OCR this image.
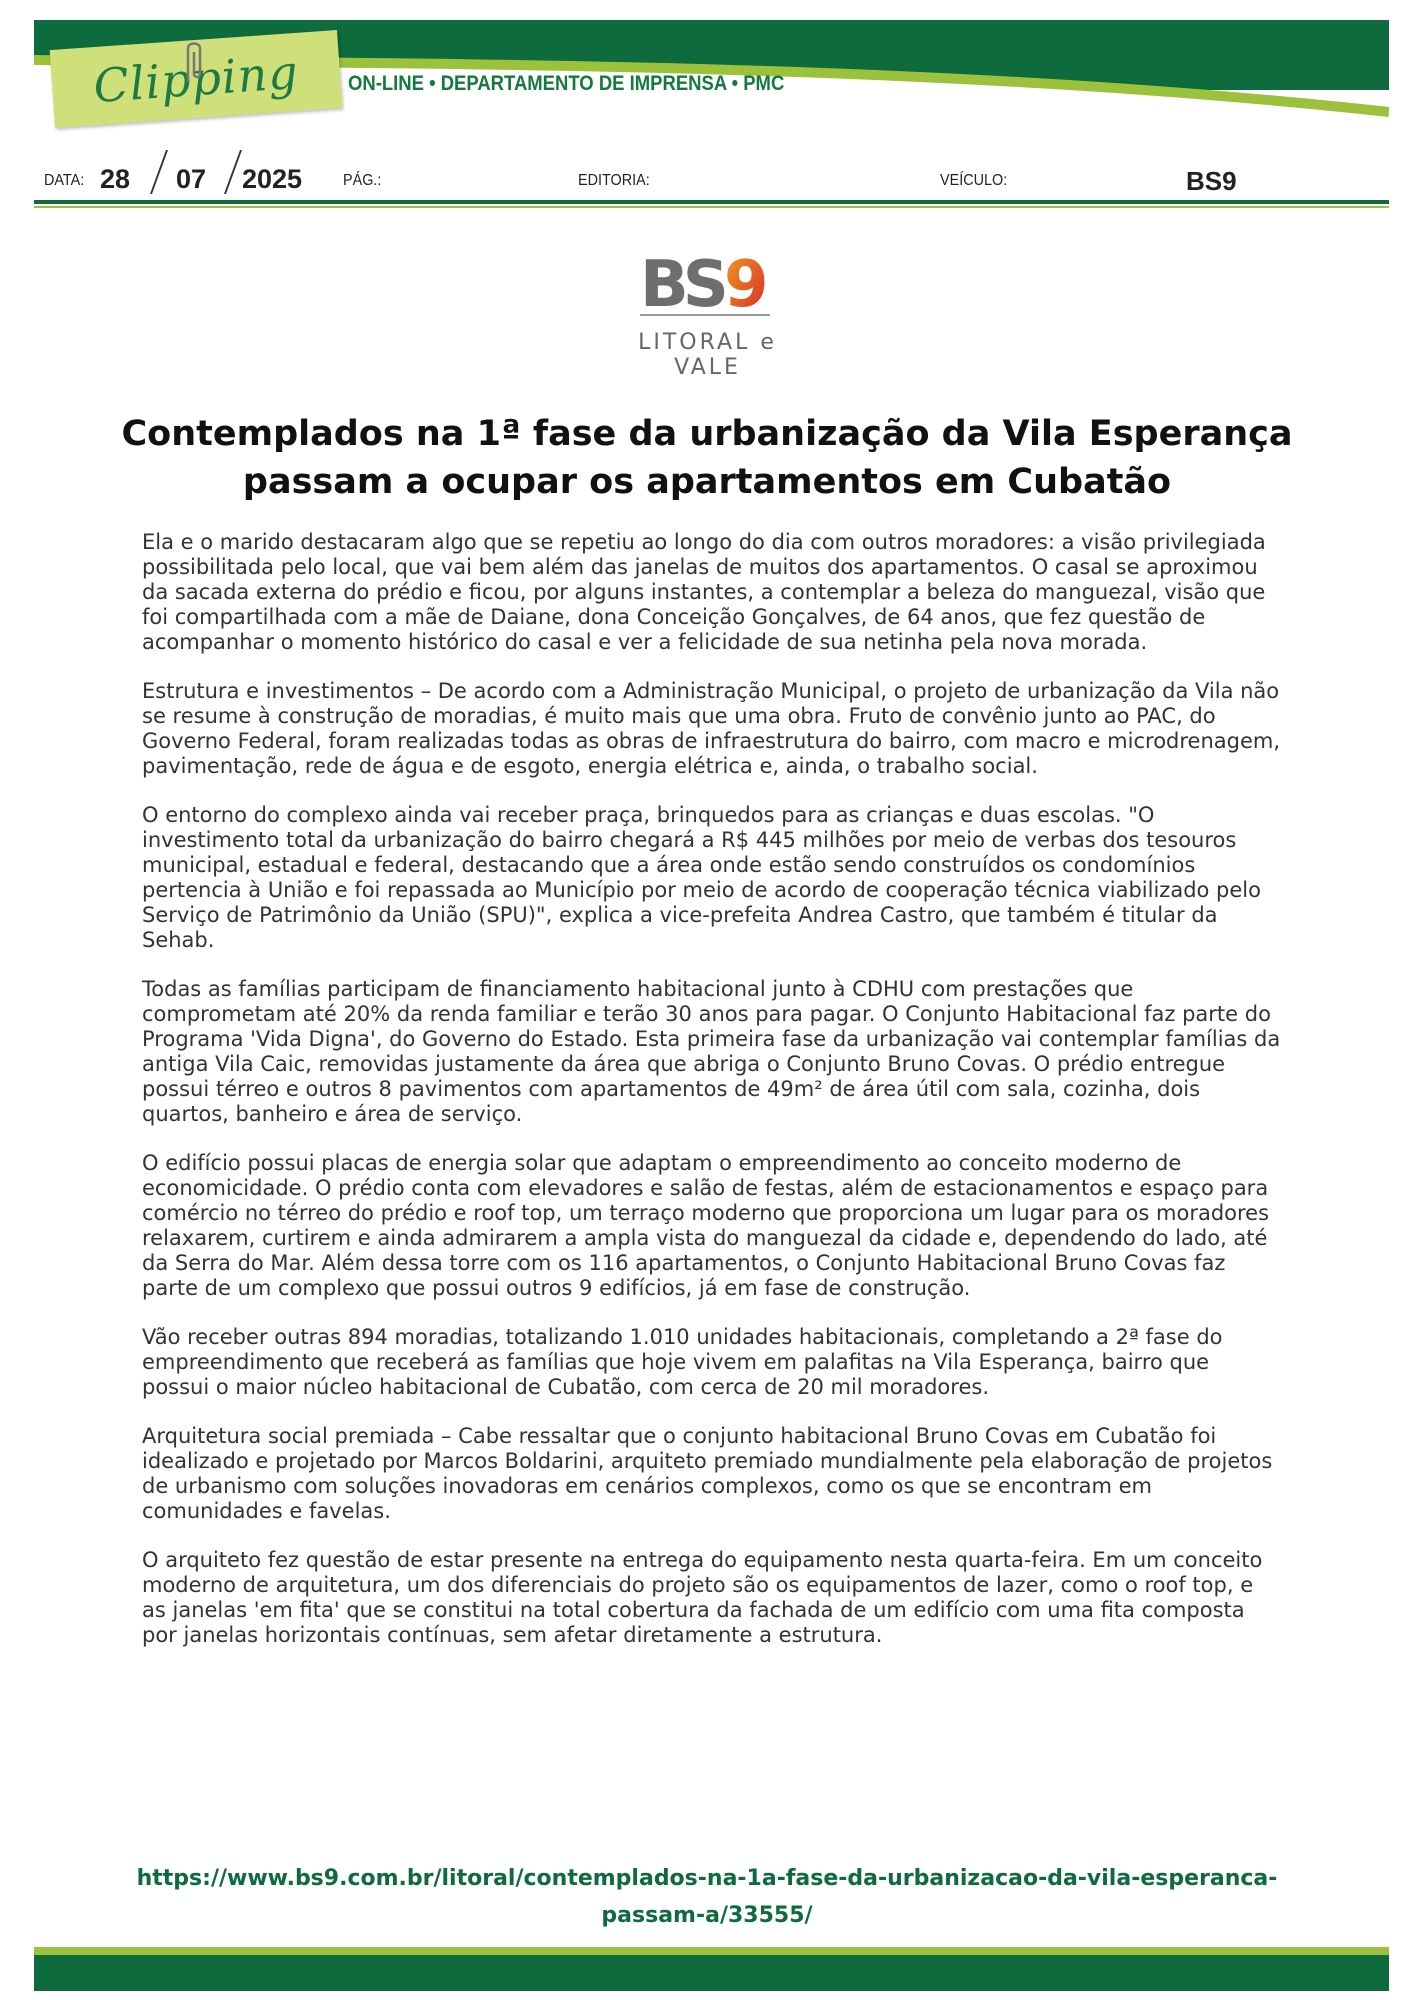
Clipping ON-LINE • DEPARTAMENTO DE IMPRENSA • PMC
DATA: 28 07 2025	PÁG.:	EDITORIA:	VEÍCULO:	BS9
BS 9
LITORAL e VALE
Contemplados na 1ª fase da urbanização da Vila Esperança passam a ocupar os apartamentos em Cubatão

Ela e o marido destacaram algo que se repetiu ao longo do dia com outros moradores: a visão privilegiada possibilitada pelo local, que vai bem além das janelas de muitos dos apartamentos. O casal se aproximou da sacada externa do prédio e ficou, por alguns instantes, a contemplar a beleza do manguezal, visão que foi compartilhada com a mãe de Daiane, dona Conceição Gonçalves, de 64 anos, que fez questão de acompanhar o momento histórico do casal e ver a felicidade de sua netinha pela nova morada.

Estrutura e investimentos – De acordo com a Administração Municipal, o projeto de urbanização da Vila não se resume à construção de moradias, é muito mais que uma obra. Fruto de convênio junto ao PAC, do Governo Federal, foram realizadas todas as obras de infraestrutura do bairro, com macro e microdrenagem, pavimentação, rede de água e de esgoto, energia elétrica e, ainda, o trabalho social.

O entorno do complexo ainda vai receber praça, brinquedos para as crianças e duas escolas. "O investimento total da urbanização do bairro chegará a R$ 445 milhões por meio de verbas dos tesouros municipal, estadual e federal, destacando que a área onde estão sendo construídos os condomínios pertencia à União e foi repassada ao Município por meio de acordo de cooperação técnica viabilizado pelo Serviço de Patrimônio da União (SPU)", explica a vice-prefeita Andrea Castro, que também é titular da Sehab.

Todas as famílias participam de financiamento habitacional junto à CDHU com prestações que comprometam até 20% da renda familiar e terão 30 anos para pagar. O Conjunto Habitacional faz parte do Programa 'Vida Digna', do Governo do Estado. Esta primeira fase da urbanização vai contemplar famílias da antiga Vila Caic, removidas justamente da área que abriga o Conjunto Bruno Covas. O prédio entregue possui térreo e outros 8 pavimentos com apartamentos de 49m² de área útil com sala, cozinha, dois quartos, banheiro e área de serviço.

O edifício possui placas de energia solar que adaptam o empreendimento ao conceito moderno de economicidade. O prédio conta com elevadores e salão de festas, além de estacionamentos e espaço para comércio no térreo do prédio e roof top, um terraço moderno que proporciona um lugar para os moradores relaxarem, curtirem e ainda admirarem a ampla vista do manguezal da cidade e, dependendo do lado, até da Serra do Mar. Além dessa torre com os 116 apartamentos, o Conjunto Habitacional Bruno Covas faz parte de um complexo que possui outros 9 edifícios, já em fase de construção.

Vão receber outras 894 moradias, totalizando 1.010 unidades habitacionais, completando a 2ª fase do empreendimento que receberá as famílias que hoje vivem em palafitas na Vila Esperança, bairro que possui o maior núcleo habitacional de Cubatão, com cerca de 20 mil moradores.

Arquitetura social premiada – Cabe ressaltar que o conjunto habitacional Bruno Covas em Cubatão foi idealizado e projetado por Marcos Boldarini, arquiteto premiado mundialmente pela elaboração de projetos de urbanismo com soluções inovadoras em cenários complexos, como os que se encontram em comunidades e favelas.

O arquiteto fez questão de estar presente na entrega do equipamento nesta quarta-feira. Em um conceito moderno de arquitetura, um dos diferenciais do projeto são os equipamentos de lazer, como o roof top, e as janelas 'em fita' que se constitui na total cobertura da fachada de um edifício com uma fita composta por janelas horizontais contínuas, sem afetar diretamente a estrutura.

https://www.bs9.com.br/litoral/contemplados-na-1a-fase-da-urbanizacao-da-vila-esperanca-
passam-a/33555/
